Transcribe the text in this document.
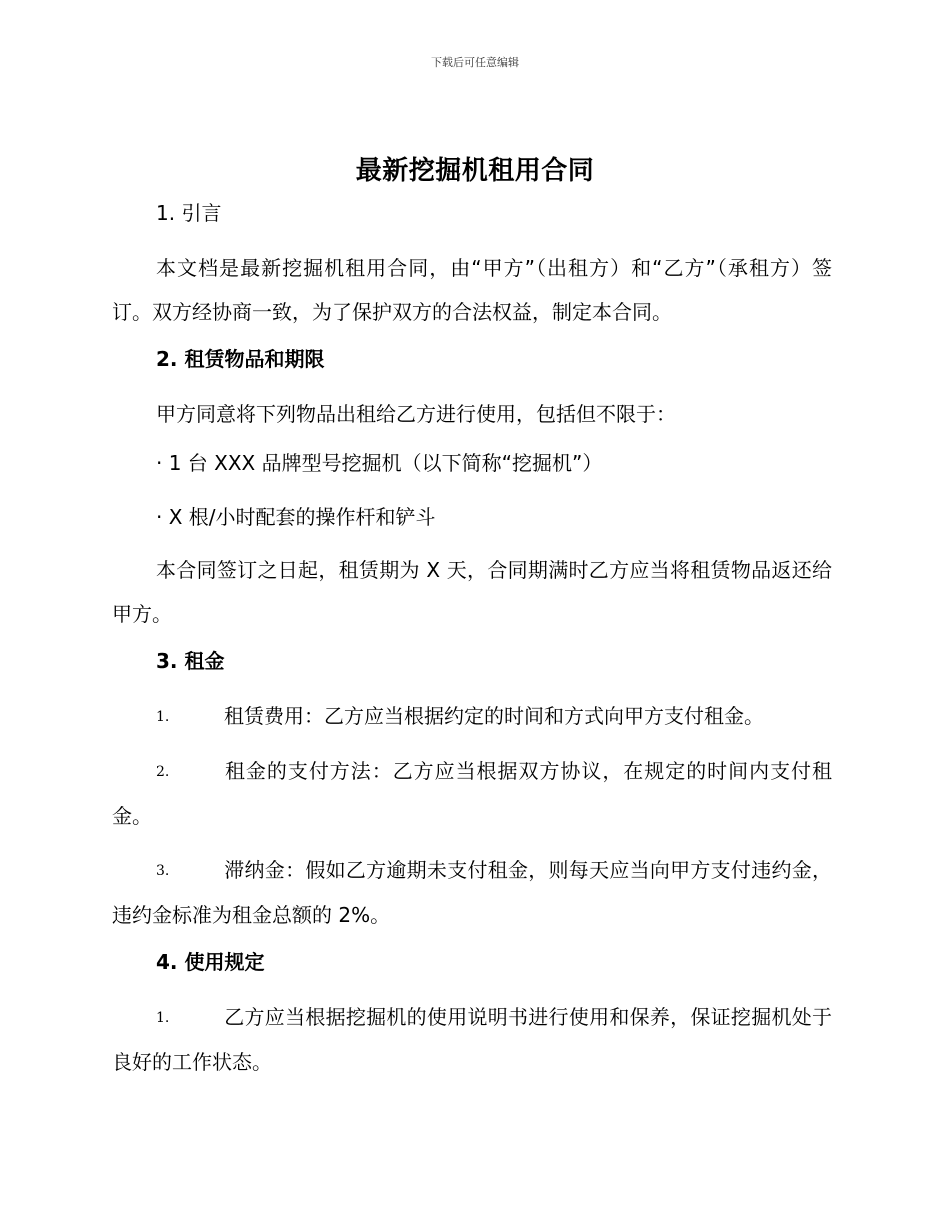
下载后可任意编辑
最新挖掘机租用合同

1. 引言

本文档是最新挖掘机租用合同，由“甲方”（出租方）和“乙方”（承租方）签订。双方经协商一致，为了保护双方的合法权益，制定本合同。

2. 租赁物品和期限

甲方同意将下列物品出租给乙方进行使用，包括但不限于：

· 1 台 XXX 品牌型号挖掘机（以下简称“挖掘机”）

· X 根/小时配套的操作杆和铲斗

本合同签订之日起，租赁期为 X 天，合同期满时乙方应当将租赁物品返还给甲方。

3. 租金

1.	租赁费用：乙方应当根据约定的时间和方式向甲方支付租金。

2.	租金的支付方法：乙方应当根据双方协议，在规定的时间内支付租金。

3.	滞纳金：假如乙方逾期未支付租金，则每天应当向甲方支付违约金，违约金标准为租金总额的 2%。

4. 使用规定

1.	乙方应当根据挖掘机的使用说明书进行使用和保养，保证挖掘机处于良好的工作状态。
